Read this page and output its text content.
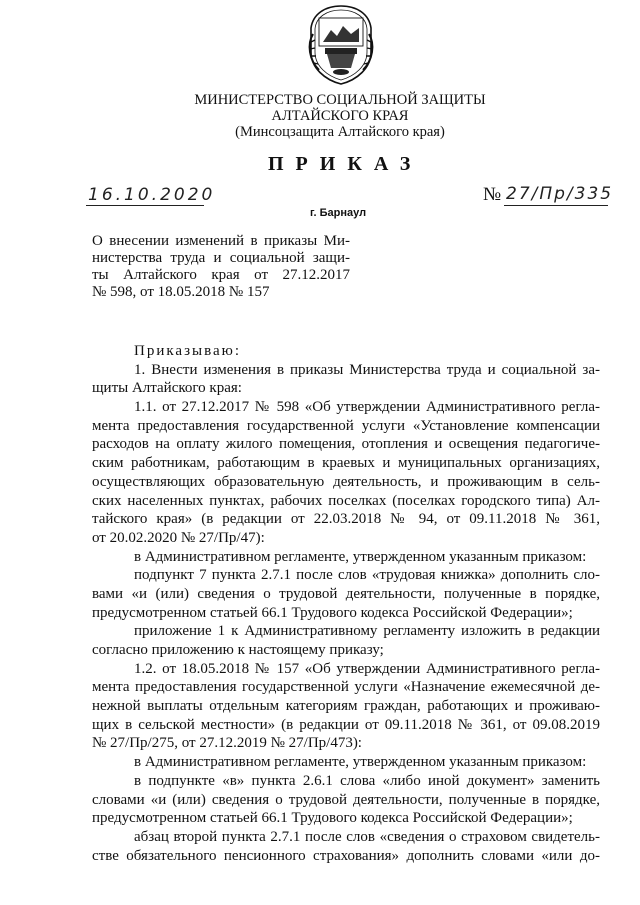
МИНИСТЕРСТВО СОЦИАЛЬНОЙ ЗАЩИТЫ
АЛТАЙСКОГО КРАЯ
(Минсоцзащита Алтайского края)
ПРИКАЗ
16.10.2020	№ 27/Пр/335
г. Барнаул
О внесении изменений в приказы Ми-
нистерства труда и социальной защи-
ты Алтайского края от 27.12.2017
№ 598, от 18.05.2018 № 157
Приказываю:
1. Внести изменения в приказы Министерства труда и социальной за-
щиты Алтайского края:
1.1. от 27.12.2017 № 598 «Об утверждении Административного регла-
мента предоставления государственной услуги «Установление компенсации
расходов на оплату жилого помещения, отопления и освещения педагогиче-
ским работникам, работающим в краевых и муниципальных организациях,
осуществляющих образовательную деятельность, и проживающим в сель-
ских населенных пунктах, рабочих поселках (поселках городского типа) Ал-
тайского края» (в редакции от 22.03.2018 № 94, от 09.11.2018 № 361,
от 20.02.2020 № 27/Пр/47):
в Административном регламенте, утвержденном указанным приказом:
подпункт 7 пункта 2.7.1 после слов «трудовая книжка» дополнить сло-
вами «и (или) сведения о трудовой деятельности, полученные в порядке,
предусмотренном статьей 66.1 Трудового кодекса Российской Федерации»;
приложение 1 к Административному регламенту изложить в редакции
согласно приложению к настоящему приказу;
1.2. от 18.05.2018 № 157 «Об утверждении Административного регла-
мента предоставления государственной услуги «Назначение ежемесячной де-
нежной выплаты отдельным категориям граждан, работающих и проживаю-
щих в сельской местности» (в редакции от 09.11.2018 № 361, от 09.08.2019
№ 27/Пр/275, от 27.12.2019 № 27/Пр/473):
в Административном регламенте, утвержденном указанным приказом:
в подпункте «в» пункта 2.6.1 слова «либо иной документ» заменить
словами «и (или) сведения о трудовой деятельности, полученные в порядке,
предусмотренном статьей 66.1 Трудового кодекса Российской Федерации»;
абзац второй пункта 2.7.1 после слов «сведения о страховом свидетель-
стве обязательного пенсионного страхования» дополнить словами «или до-
